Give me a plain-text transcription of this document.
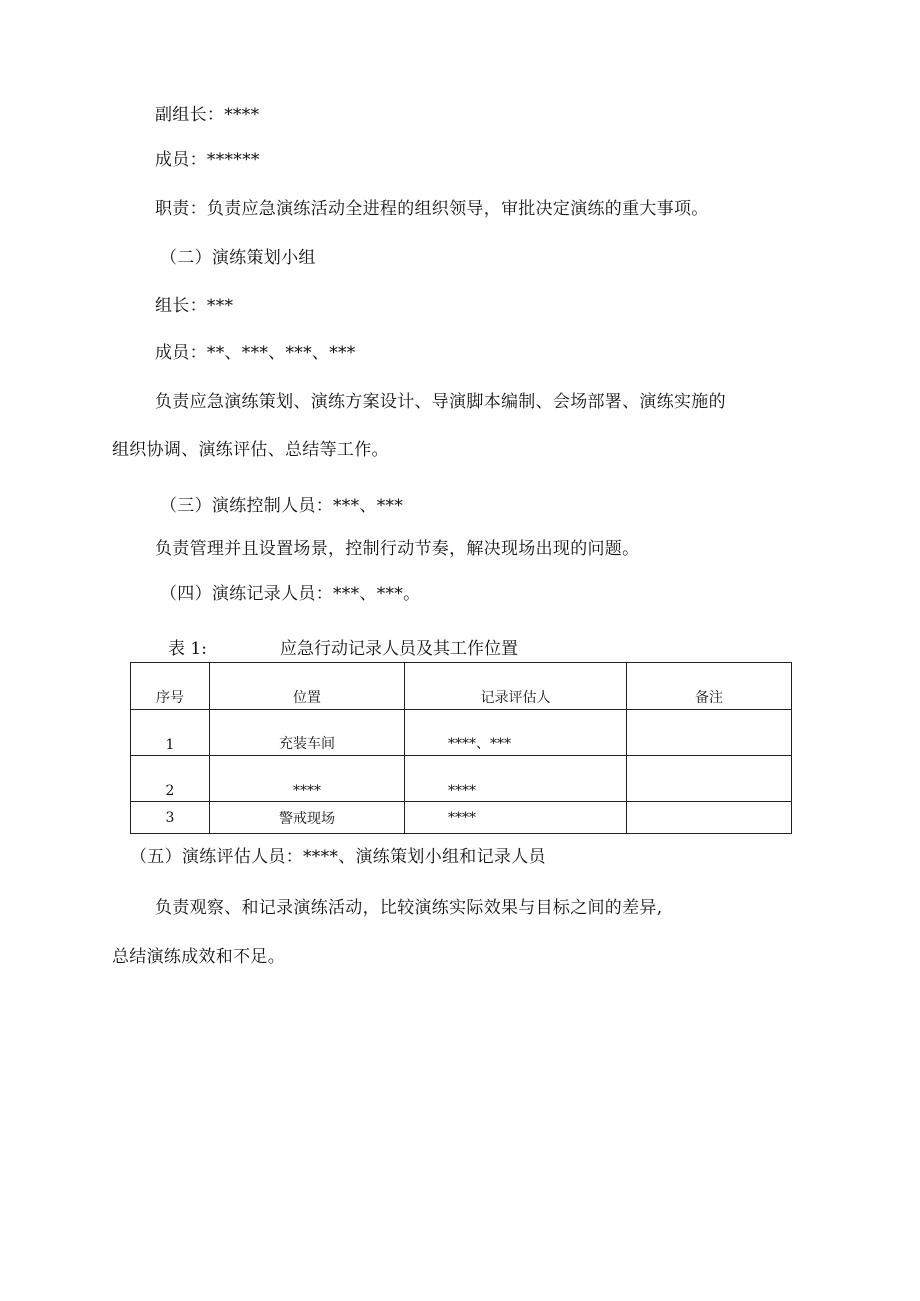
副组长：****
成员：******
职责：负责应急演练活动全进程的组织领导，审批决定演练的重大事项。
（二）演练策划小组
组长：***
成员：**、***、***、***
负责应急演练策划、演练方案设计、导演脚本编制、会场部署、演练实施的
组织协调、演练评估、总结等工作。
（三）演练控制人员：***、***
负责管理并且设置场景，控制行动节奏，解决现场出现的问题。
（四）演练记录人员：***、***。
表 1:	应急行动记录人员及其工作位置
序号	位置	记录评估人	备注
1	充装车间	****、***	
2	****	****	
3	警戒现场	****	
（五）演练评估人员：****、演练策划小组和记录人员
负责观察、和记录演练活动，比较演练实际效果与目标之间的差异,
总结演练成效和不足。
